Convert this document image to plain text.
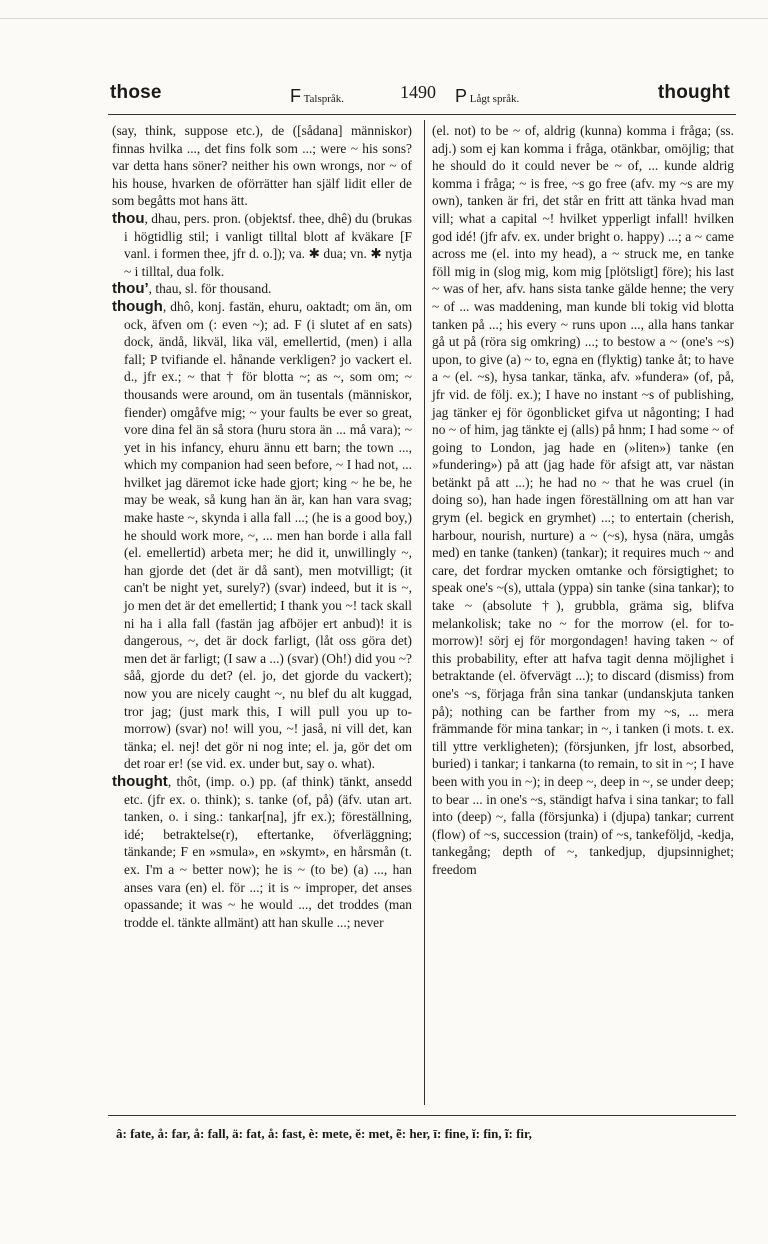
those	F Talspråk.	1490 P Lågt språk.	thought

(say, think, suppose etc.), de ([sådana] människor) finnas hvilka ..., det fins folk som ...; were ~ his sons? var detta hans söner? neither his own wrongs, nor ~ of his house, hvarken de oförrätter han själf lidit eller de som begåtts mot hans ätt.

thou, dhau, pers. pron. (objektsf. thee, dhê) du (brukas i högtidlig stil; i vanligt tilltal blott af kväkare [F vanl. i formen thee, jfr d. o.]); va. ✱ dua; vn. ✱ nytja ~ i tilltal, dua folk.

thou’, thau, sl. för thousand.

though, dhô, konj. fastän, ehuru, oaktadt; om än, om ock, äfven om (: even ~); ad. F (i slutet af en sats) dock, ändå, likväl, lika väl, emellertid, (men) i alla fall; P tvifiande el. hånande verkligen? jo vackert el. d., jfr ex.; ~ that † för blotta ~; as ~, som om; ~ thousands were around, om än tusentals (människor, fiender) omgåfve mig; ~ your faults be ever so great, vore dina fel än så stora (huru stora än ... må vara); ~ yet in his infancy, ehuru ännu ett barn; the town ..., which my companion had seen before, ~ I had not, ... hvilket jag däremot icke hade gjort; king ~ he be, he may be weak, så kung han än är, kan han vara svag; make haste ~, skynda i alla fall ...; (he is a good boy,) he should work more, ~, ... men han borde i alla fall (el. emellertid) arbeta mer; he did it, unwillingly ~, han gjorde det (det är då sant), men motvilligt; (it can't be night yet, surely?) (svar) indeed, but it is ~, jo men det är det emellertid; I thank you ~! tack skall ni ha i alla fall (fastän jag afböjer ert anbud)! it is dangerous, ~, det är dock farligt, (låt oss göra det) men det är farligt; (I saw a ...) (svar) (Oh!) did you ~? såå, gjorde du det? (el. jo, det gjorde du vackert); now you are nicely caught ~, nu blef du alt kuggad, tror jag; (just mark this, I will pull you up to-morrow) (svar) no! will you, ~! jaså, ni vill det, kan tänka; el. nej! det gör ni nog inte; el. ja, gör det om det roar er! (se vid. ex. under but, say o. what).

thought, thôt, (imp. o.) pp. (af think) tänkt, ansedd etc. (jfr ex. o. think); s. tanke (of, på) (äfv. utan art. tanken, o. i sing.: tankar[na], jfr ex.); föreställning, idé; betraktelse(r), eftertanke, öfverläggning; tänkande; F en »smula», en »skymt», en hårsmån (t. ex. I'm a ~ better now); he is ~ (to be) (a) ..., han anses vara (en) el. för ...; it is ~ improper, det anses opassande; it was ~ he would ..., det troddes (man trodde el. tänkte allmänt) att han skulle ...; never

(el. not) to be ~ of, aldrig (kunna) komma i fråga; (ss. adj.) som ej kan komma i fråga, otänkbar, omöjlig; that he should do it could never be ~ of, ... kunde aldrig komma i fråga; ~ is free, ~s go free (afv. my ~s are my own), tanken är fri, det står en fritt att tänka hvad man vill; what a capital ~! hvilket ypperligt infall! hvilken god idé! (jfr afv. ex. under bright o. happy) ...; a ~ came across me (el. into my head), a ~ struck me, en tanke föll mig in (slog mig, kom mig [plötsligt] före); his last ~ was of her, afv. hans sista tanke gälde henne; the very ~ of ... was maddening, man kunde bli tokig vid blotta tanken på ...; his every ~ runs upon ..., alla hans tankar gå ut på (röra sig omkring) ...; to bestow a ~ (one's ~s) upon, to give (a) ~ to, egna en (flyktig) tanke åt; to have a ~ (el. ~s), hysa tankar, tänka, afv. »fundera» (of, på, jfr vid. de följ. ex.); I have no instant ~s of publishing, jag tänker ej för ögonblicket gifva ut någonting; I had no ~ of him, jag tänkte ej (alls) på hnm; I had some ~ of going to London, jag hade en (»liten») tanke (en »fundering») på att (jag hade för afsigt att, var nästan betänkt på att ...); he had no ~ that he was cruel (in doing so), han hade ingen föreställning om att han var grym (el. begick en grymhet) ...; to entertain (cherish, harbour, nourish, nurture) a ~ (~s), hysa (nära, umgås med) en tanke (tanken) (tankar); it requires much ~ and care, det fordrar mycken omtanke och försigtighet; to speak one's ~(s), uttala (yppa) sin tanke (sina tankar); to take ~ (absolute †), grubbla, gräma sig, blifva melankolisk; take no ~ for the morrow (el. for to-morrow)! sörj ej för morgondagen! having taken ~ of this probability, efter att hafva tagit denna möjlighet i betraktande (el. öfvervägt ...); to discard (dismiss) from one's ~s, förjaga från sina tankar (undanskjuta tanken på); nothing can be farther from my ~s, ... mera främmande för mina tankar; in ~, i tanken (i mots. t. ex. till yttre verkligheten); (försjunken, jfr lost, absorbed, buried) i tankar; i tankarna (to remain, to sit in ~; I have been with you in ~); in deep ~, deep in ~, se under deep; to bear ... in one's ~s, ständigt hafva i sina tankar; to fall into (deep) ~, falla (försjunka) i (djupa) tankar; current (flow) of ~s, succession (train) of ~s, tankeföljd, -kedja, tankegång; depth of ~, tankedjup, djupsinnighet; freedom

â: fate, å: far, å: fall, ä: fat, å: fast, è: mete, ĕ: met, ẽ: her, ī: fine, ĭ: fin, ĩ: fir,
